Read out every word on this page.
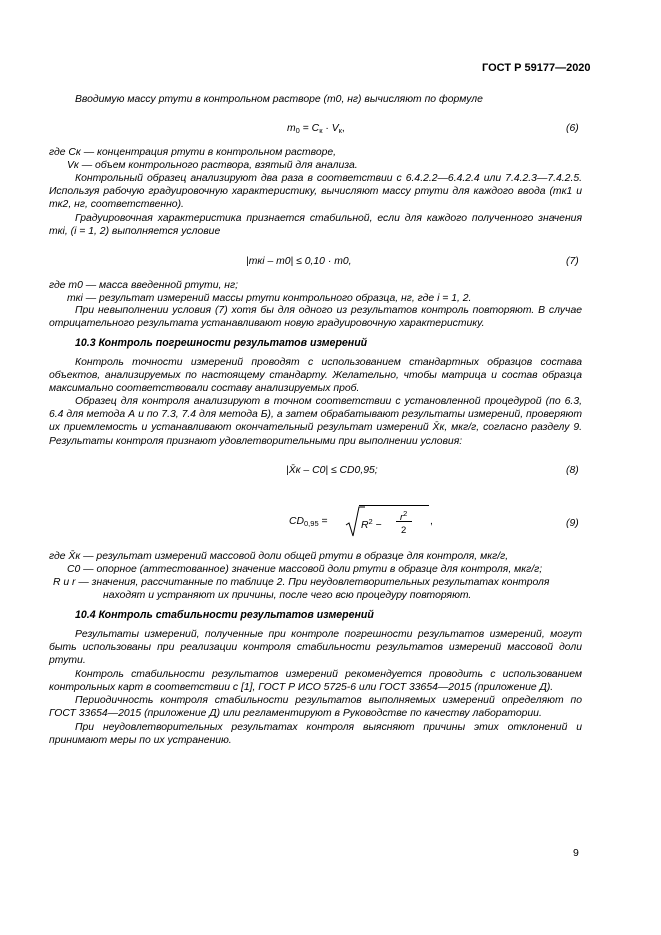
ГОСТ Р 59177—2020
Вводимую массу ртути в контрольном растворе (m0, нг) вычисляют по формуле
$m_0 = C_к \cdot V_к$,	(6)
где Cк — концентрация ртути в контрольном растворе,
Vк — объем контрольного раствора, взятый для анализа.
Контрольный образец анализируют два раза в соответствии с 6.4.2.2—6.4.2.4 или 7.4.2.3—7.4.2.5. Используя рабочую градуировочную характеристику, вычисляют массу ртути для каждого ввода (mк1 и mк2, нг, соответственно).
Градуировочная характеристика признается стабильной, если для каждого полученного значения mкi, (i = 1, 2) выполняется условие
|mкi – m0| ≤ 0,10 · m0,	(7)
где m0 — масса введенной ртути, нг;
mкi — результат измерений массы ртути контрольного образца, нг, где i = 1, 2.
При невыполнении условия (7) хотя бы для одного из результатов контроль повторяют. В случае отрицательного результата устанавливают новую градуировочную характеристику.
10.3 Контроль погрешности результатов измерений
Контроль точности измерений проводят с использованием стандартных образцов состава объектов, анализируемых по настоящему стандарту. Желательно, чтобы матрица и состав образца максимально соответствовали составу анализируемых проб.
Образец для контроля анализируют в точном соответствии с установленной процедурой (по 6.3, 6.4 для метода А и по 7.3, 7.4 для метода Б), а затем обрабатывают результаты измерений, проверяют их приемлемость и устанавливают окончательный результат измерений X̄к, мкг/г, согласно разделу 9. Результаты контроля признают удовлетворительными при выполнении условия:
|X̄к – C0| ≤ CD0,95;	(8)
$CD_{0,95}$ =	$R^2$ −
$r^2$
2
,	(9)
где X̄к — результат измерений массовой доли общей ртути в образце для контроля, мкг/г,
C0 — опорное (аттестованное) значение массовой доли ртути в образце для контроля, мкг/г;
R и r — значения, рассчитанные по таблице 2. При неудовлетворительных результатах контроля
находят и устраняют их причины, после чего всю процедуру повторяют.
10.4 Контроль стабильности результатов измерений
Результаты измерений, полученные при контроле погрешности результатов измерений, могут быть использованы при реализации контроля стабильности результатов измерений массовой доли ртути.
Контроль стабильности результатов измерений рекомендуется проводить с использованием контрольных карт в соответствии с [1], ГОСТ Р ИСО 5725-6 или ГОСТ 33654—2015 (приложение Д).
Периодичность контроля стабильности результатов выполняемых измерений определяют по ГОСТ 33654—2015 (приложение Д) или регламентируют в Руководстве по качеству лаборатории.
При неудовлетворительных результатах контроля выясняют причины этих отклонений и принимают меры по их устранению.
9
